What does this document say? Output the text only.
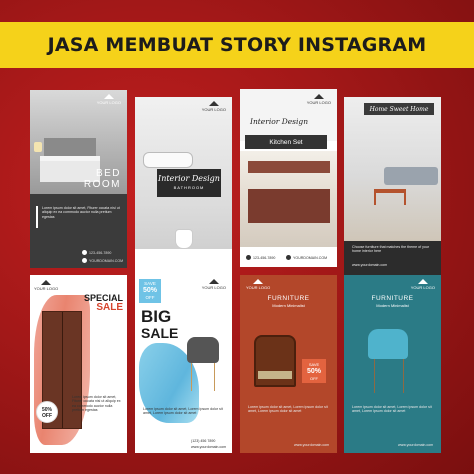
JASA MEMBUAT STORY INSTAGRAM
YOUR LOGO
BED
ROOM
Lorem ipsum dolor sit amet, Fiturer occata nisi ut aliquip ex ea commodo auctor nulla pretium egestas
123-456-7890
YOURDOMAIN.COM
YOUR LOGO
Interior Design
BATHROOM
YOUR LOGO
Interior Design
Kitchen Set
123-456-7890	YOURDOMAIN.COM
Home Sweet Home
Choose furniture that matches the theme of your home interior here
www.yourdomain.com
YOUR LOGO
SPECIAL
SALE
50%
OFF
Lorem ipsum dolor sit amet, Fiturer occata nisi ut aliquip ex ea commodo auctor nulla pretium egestas
SAVE
50%
OFF
YOUR LOGO
BIG
SALE
Lorem ipsum dolor sit amet, Lorem ipsum dolor sit amet, Lorem ipsum dolor sit amet
(123) 456 7890
www.yourdomain.com
YOUR LOGO
FURNITURE
Modern Minimalist
SAVE
50%
OFF
Lorem ipsum dolor sit amet, Lorem ipsum dolor sit amet, Lorem ipsum dolor sit amet
www.yourdomain.com
YOUR LOGO
FURNITURE
Modern Minimalist
Lorem ipsum dolor sit amet, Lorem ipsum dolor sit amet, Lorem ipsum dolor sit amet
www.yourdomain.com
